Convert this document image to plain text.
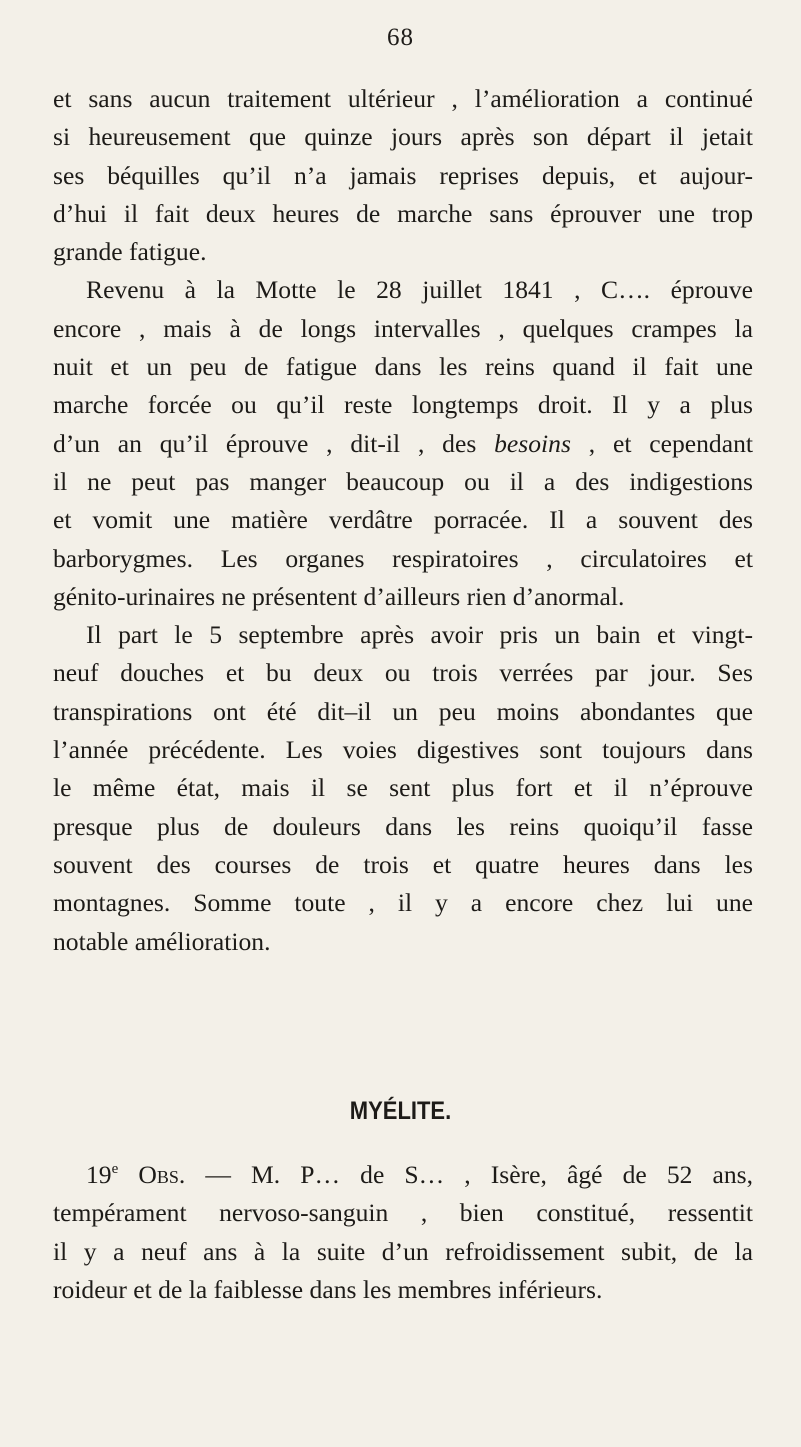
68
et sans aucun traitement ultérieur , l’amélioration a continué
si heureusement que quinze jours après son départ il jetait
ses béquilles qu’il n’a jamais reprises depuis, et aujour-
d’hui il fait deux heures de marche sans éprouver une trop
grande fatigue.
Revenu à la Motte le 28 juillet 1841 , C…. éprouve
encore , mais à de longs intervalles , quelques crampes la
nuit et un peu de fatigue dans les reins quand il fait une
marche forcée ou qu’il reste longtemps droit. Il y a plus
d’un an qu’il éprouve , dit-il , des besoins , et cependant
il ne peut pas manger beaucoup ou il a des indigestions
et vomit une matière verdâtre porracée. Il a souvent des
barborygmes. Les organes respiratoires , circulatoires et
génito-urinaires ne présentent d’ailleurs rien d’anormal.
Il part le 5 septembre après avoir pris un bain et vingt-
neuf douches et bu deux ou trois verrées par jour. Ses
transpirations ont été dit–il un peu moins abondantes que
l’année précédente. Les voies digestives sont toujours dans
le même état, mais il se sent plus fort et il n’éprouve
presque plus de douleurs dans les reins quoiqu’il fasse
souvent des courses de trois et quatre heures dans les
montagnes. Somme toute , il y a encore chez lui une
notable amélioration.
MYÉLITE.
19e Obs. — M. P… de S… , Isère, âgé de 52 ans,
tempérament nervoso-sanguin , bien constitué, ressentit
il y a neuf ans à la suite d’un refroidissement subit, de la
roideur et de la faiblesse dans les membres inférieurs.
